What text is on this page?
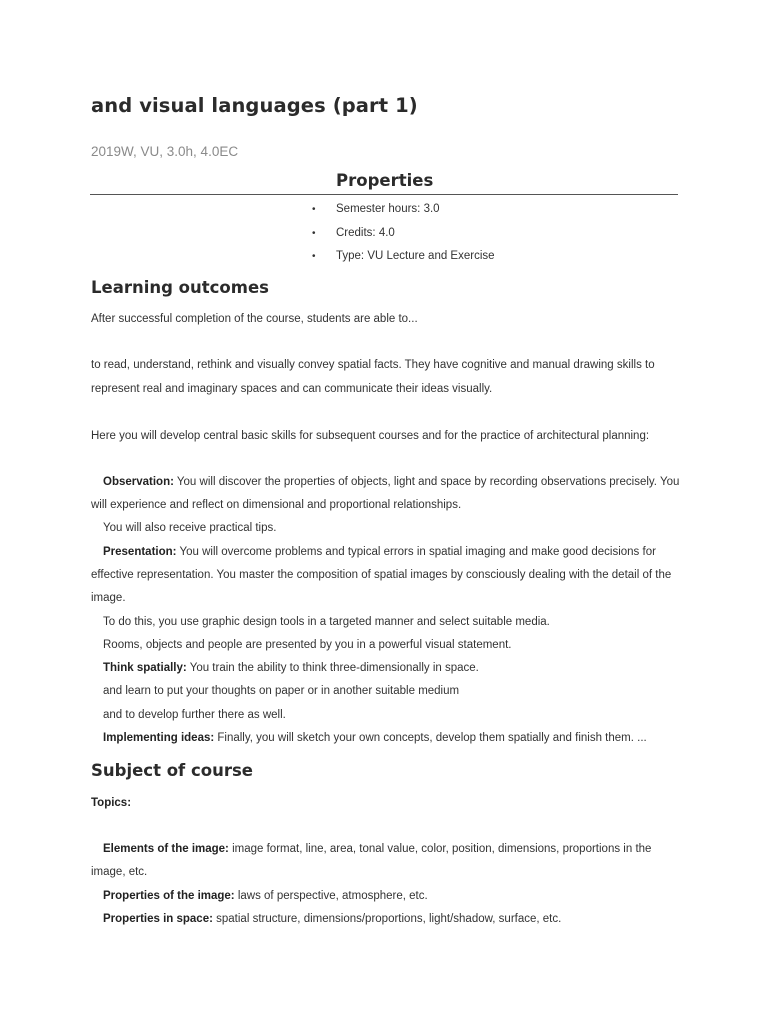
and visual languages (part 1)

2019W, VU, 3.0h, 4.0EC

Properties
• Semester hours: 3.0
• Credits: 4.0
• Type: VU Lecture and Exercise
Learning outcomes

After successful completion of the course, students are able to...

to read, understand, rethink and visually convey spatial facts. They have cognitive and manual drawing skills to

represent real and imaginary spaces and can communicate their ideas visually.

Here you will develop central basic skills for subsequent courses and for the practice of architectural planning:

Observation: You will discover the properties of objects, light and space by recording observations precisely. You

will experience and reflect on dimensional and proportional relationships.

You will also receive practical tips.

Presentation: You will overcome problems and typical errors in spatial imaging and make good decisions for

effective representation. You master the composition of spatial images by consciously dealing with the detail of the

image.

To do this, you use graphic design tools in a targeted manner and select suitable media.

Rooms, objects and people are presented by you in a powerful visual statement.

Think spatially: You train the ability to think three-dimensionally in space.

and learn to put your thoughts on paper or in another suitable medium

and to develop further there as well.

Implementing ideas: Finally, you will sketch your own concepts, develop them spatially and finish them. ...

Subject of course

Topics:

Elements of the image: image format, line, area, tonal value, color, position, dimensions, proportions in the

image, etc.

Properties of the image: laws of perspective, atmosphere, etc.

Properties in space: spatial structure, dimensions/proportions, light/shadow, surface, etc.
